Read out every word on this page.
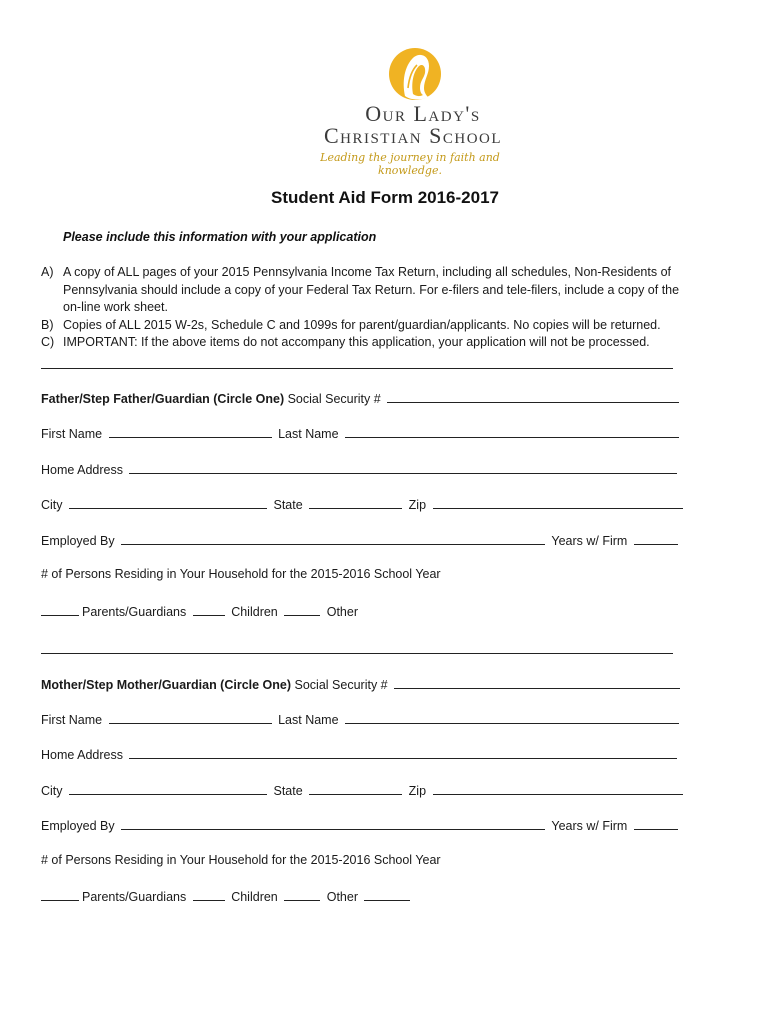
Our Lady's
Christian School
Leading the journey in faith and knowledge.
Student Aid Form 2016-2017
Please include this information with your application
A) A copy of ALL pages of your 2015 Pennsylvania Income Tax Return, including all schedules, Non-Residents of Pennsylvania should include a copy of your Federal Tax Return. For e-filers and tele-filers, include a copy of the on-line work sheet.
B) Copies of ALL 2015 W-2s, Schedule C and 1099s for parent/guardian/applicants. No copies will be returned.
C) IMPORTANT: If the above items do not accompany this application, your application will not be processed.
Father/Step Father/Guardian (Circle One) Social Security #
First Name	Last Name
Home Address
City	State	Zip
Employed By	Years w/ Firm
# of Persons Residing in Your Household for the 2015-2016 School Year
Parents/Guardians	Children	Other
Mother/Step Mother/Guardian (Circle One) Social Security #
First Name	Last Name
Home Address
City	State	Zip
Employed By	Years w/ Firm
# of Persons Residing in Your Household for the 2015-2016 School Year
Parents/Guardians	Children	Other
